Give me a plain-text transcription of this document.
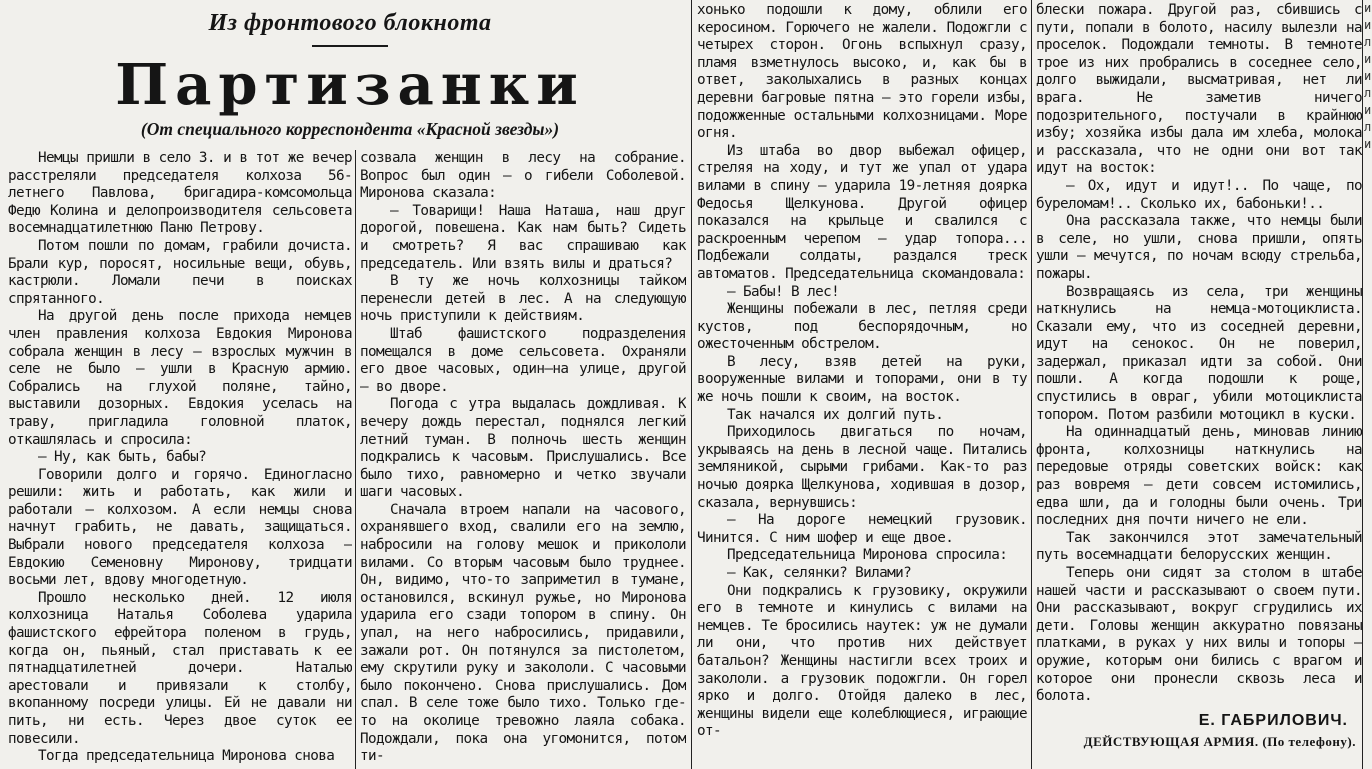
Из фронтового блокнота
Партизанки
(От специального корреспондента «Красной звезды»)

Немцы пришли в село З. и в тот же вечер расстреляли председателя колхоза 56-летнего Павлова, бригадира-комсомольца Федю Колина и делопроизводителя сельсовета восемнадцатилетнюю Паню Петрову.

Потом пошли по домам, грабили дочиста. Брали кур, поросят, носильные вещи, обувь, кастрюли. Ломали печи в поисках спрятанного.

На другой день после прихода немцев член правления колхоза Евдокия Миронова собрала женщин в лесу — взрослых мужчин в селе не было — ушли в Красную армию. Собрались на глухой поляне, тайно, выставили дозорных. Евдокия уселась на траву, пригладила головной платок, откашлялась и спросила:

— Ну, как быть, бабы?

Говорили долго и горячо. Единогласно решили: жить и работать, как жили и работали — колхозом. А если немцы снова начнут грабить, не давать, защищаться. Выбрали нового председателя колхоза — Евдокию Семеновну Миронову, тридцати восьми лет, вдову многодетную.

Прошло несколько дней. 12 июля колхозница Наталья Соболева ударила фашистского ефрейтора поленом в грудь, когда он, пьяный, стал приставать к ее пятнадцатилетней дочери. Наталью арестовали и привязали к столбу, вкопанному посреди улицы. Ей не давали ни пить, ни есть. Через двое суток ее повесили.

Тогда председательница Миронова снова

созвала женщин в лесу на собрание. Вопрос был один — о гибели Соболевой. Миронова сказала:

— Товарищи! Наша Наташа, наш друг дорогой, повешена. Как нам быть? Сидеть и смотреть? Я вас спрашиваю как председатель. Или взять вилы и драться?

В ту же ночь колхозницы тайком перенесли детей в лес. А на следующую ночь приступили к действиям.

Штаб фашистского подразделения помещался в доме сельсовета. Охраняли его двое часовых, один—на улице, другой — во дворе.

Погода с утра выдалась дождливая. К вечеру дождь перестал, поднялся легкий летний туман. В полночь шесть женщин подкрались к часовым. Прислушались. Все было тихо, равномерно и четко звучали шаги часовых.

Сначала втроем напали на часового, охранявшего вход, свалили его на землю, набросили на голову мешок и прикололи вилами. Со вторым часовым было труднее. Он, видимо, что-то заприметил в тумане, остановился, вскинул ружье, но Миронова ударила его сзади топором в спину. Он упал, на него набросились, придавили, зажали рот. Он потянулся за пистолетом, ему скрутили руку и закололи. С часовыми было покончено. Снова прислушались. Дом спал. В селе тоже было тихо. Только где-то на околице тревожно лаяла собака. Подождали, пока она угомонится, потом ти-

хонько подошли к дому, облили его керосином. Горючего не жалели. Подожгли с четырех сторон. Огонь вспыхнул сразу, пламя взметнулось высоко, и, как бы в ответ, заколыхались в разных концах деревни багровые пятна — это горели избы, подожженные остальными колхозницами. Море огня.

Из штаба во двор выбежал офицер, стреляя на ходу, и тут же упал от удара вилами в спину — ударила 19-летняя доярка Федосья Щелкунова. Другой офицер показался на крыльце и свалился с раскроенным черепом — удар топора... Подбежали солдаты, раздался треск автоматов. Председательница скомандовала:

— Бабы! В лес!

Женщины побежали в лес, петляя среди кустов, под беспорядочным, но ожесточенным обстрелом.

В лесу, взяв детей на руки, вооруженные вилами и топорами, они в ту же ночь пошли к своим, на восток.

Так начался их долгий путь.

Приходилось двигаться по ночам, укрываясь на день в лесной чаще. Питались земляникой, сырыми грибами. Как-то раз ночью доярка Щелкунова, ходившая в дозор, сказала, вернувшись:

— На дороге немецкий грузовик. Чинится. С ним шофер и еще двое.

Председательница Миронова спросила:

— Как, селянки? Вилами?

Они подкрались к грузовику, окружили его в темноте и кинулись с вилами на немцев. Те бросились наутек: уж не думали ли они, что против них действует батальон? Женщины настигли всех троих и закололи. а грузовик подожгли. Он горел ярко и долго. Отойдя далеко в лес, женщины видели еще колеблющиеся, играющие от-

блески пожара. Другой раз, сбившись с пути, попали в болото, насилу вылезли на проселок. Подождали темноты. В темноте трое из них пробрались в соседнее село, долго выжидали, высматривая, нет ли врага. Не заметив ничего подозрительного, постучали в крайнюю избу; хозяйка избы дала им хлеба, молока и рассказала, что не одни они вот так идут на восток:

— Ох, идут и идут!.. По чаще, по буреломам!.. Сколько их, бабоньки!..

Она рассказала также, что немцы были в селе, но ушли, снова пришли, опять ушли — мечутся, по ночам всюду стрельба, пожары.

Возвращаясь из села, три женщины наткнулись на немца-мотоциклиста. Сказали ему, что из соседней деревни, идут на сенокос. Он не поверил, задержал, приказал идти за собой. Они пошли. А когда подошли к роще, спустились в овраг, убили мотоциклиста топором. Потом разбили мотоцикл в куски.

На одиннадцатый день, миновав линию фронта, колхозницы наткнулись на передовые отряды советских войск: как раз вовремя — дети совсем истомились, едва шли, да и голодны были очень. Три последних дня почти ничего не ели.

Так закончился этот замечательный путь восемнадцати белорусских женщин.

Теперь они сидят за столом в штабе нашей части и рассказывают о своем пути. Они рассказывают, вокруг сгрудились их дети. Головы женщин аккуратно повязаны платками, в руках у них вилы и топоры — оружие, которым они бились с врагом и которое они пронесли сквозь леса и болота.

Е. ГАБРИЛОВИЧ.
ДЕЙСТВУЮЩАЯ АРМИЯ. (По телефону).
и
и
л
и
и
л
и
л
и
